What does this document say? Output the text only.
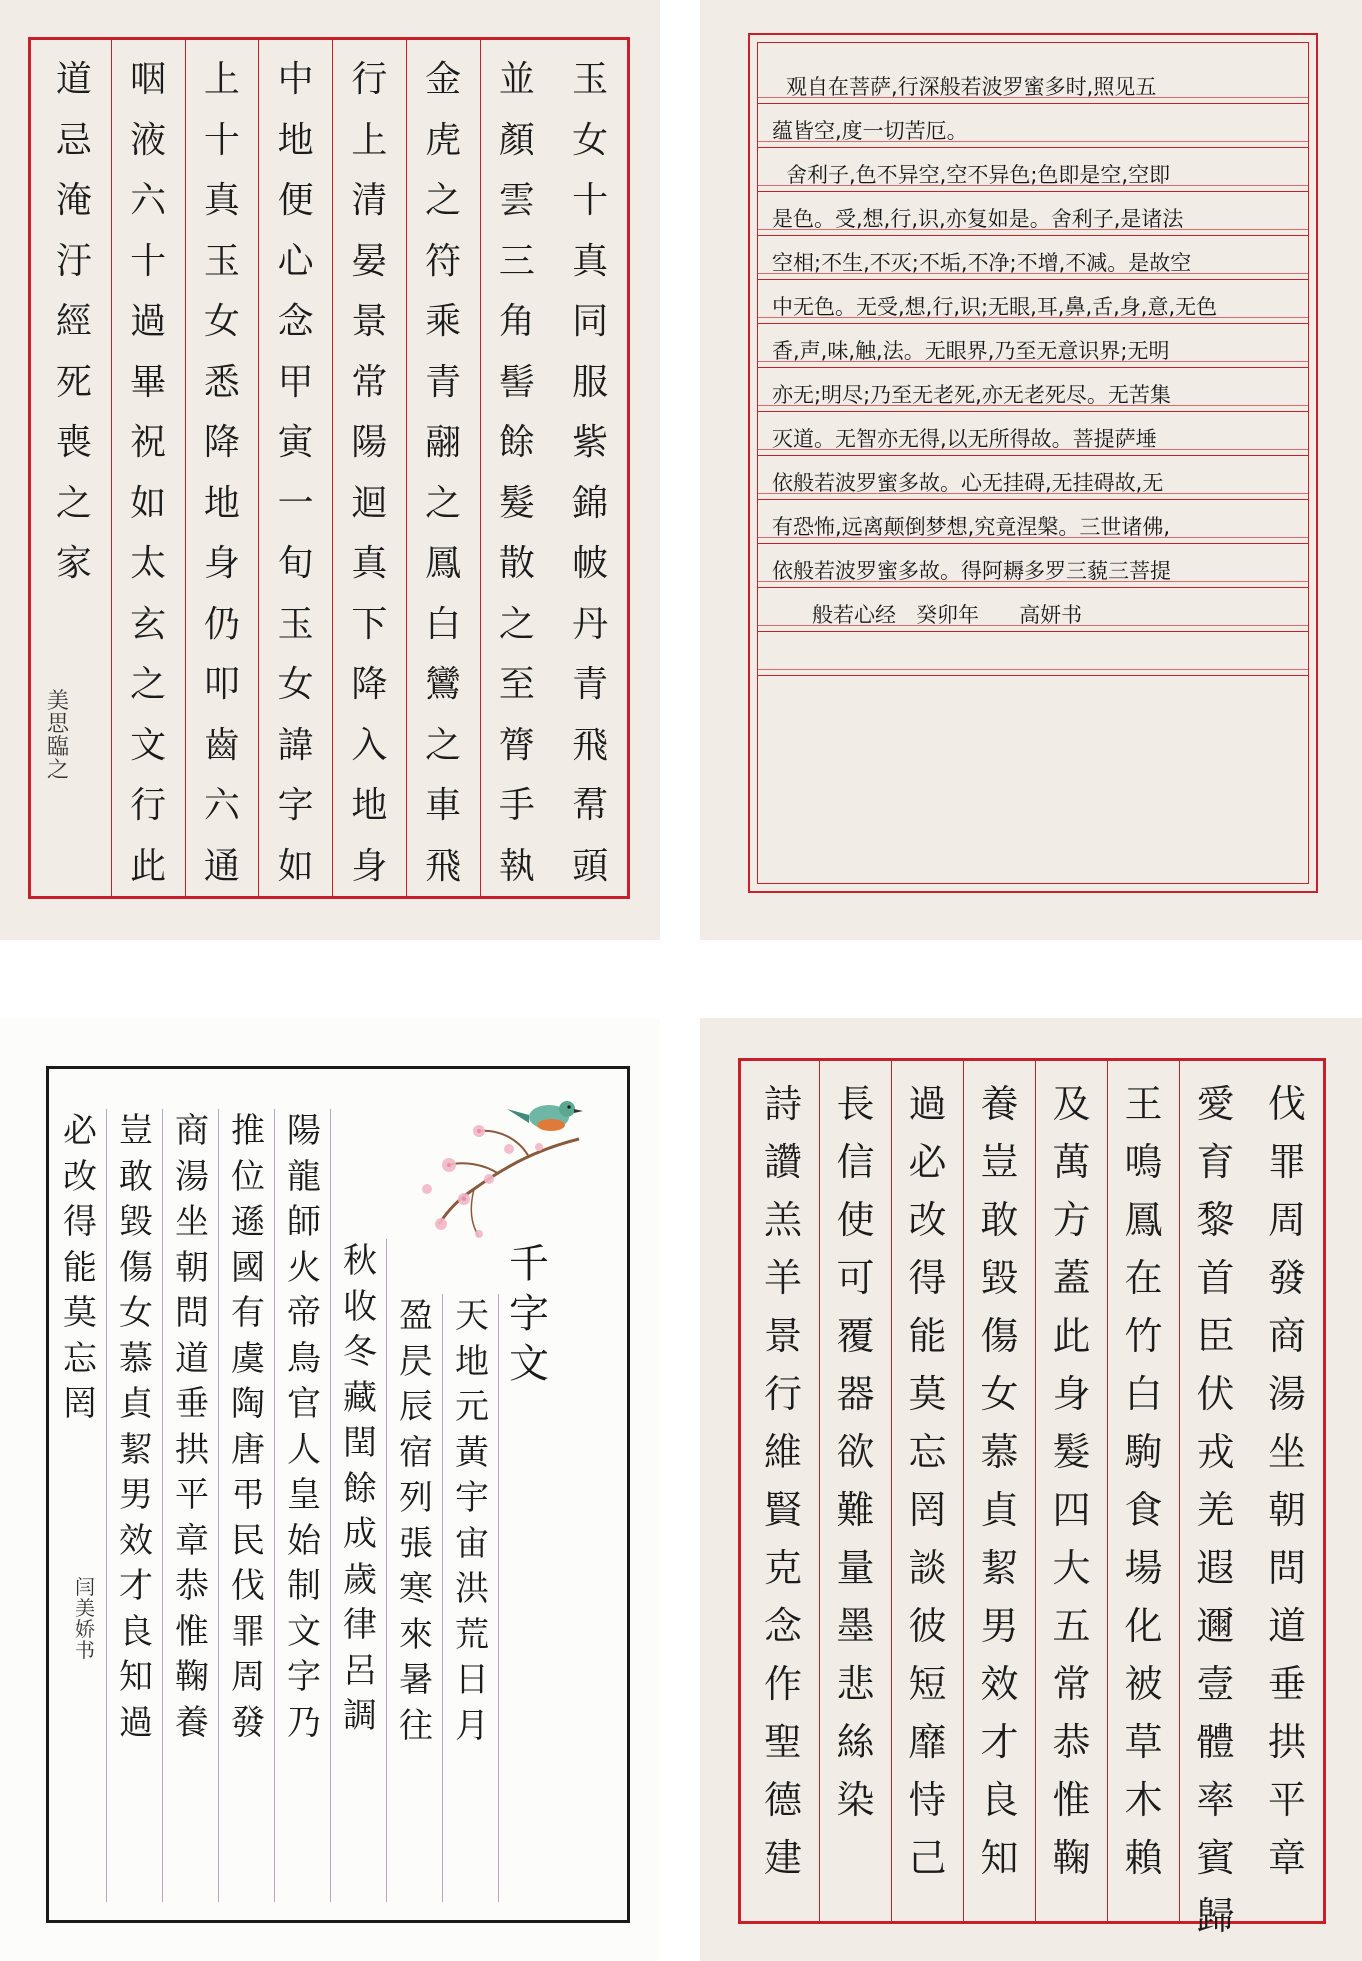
玉
女
十
真
同
服
紫
錦
帔
丹
青
飛
帬
頭
並
顏
雲
三
角
髻
餘
髮
散
之
至
膂
手
執
金
虎
之
符
乘
青
翮
之
鳳
白
鸞
之
車
飛
行
上
清
晏
景
常
陽
迴
真
下
降
入
地
身
中
地
便
心
念
甲
寅
一
旬
玉
女
諱
字
如
上
十
真
玉
女
悉
降
地
身
仍
叩
齒
六
通
咽
液
六
十
過
畢
祝
如
太
玄
之
文
行
此
道
忌
淹
汙
經
死
喪
之
家
美
思
臨
之
观自在菩萨,行深般若波罗蜜多时,照见五
蕴皆空,度一切苦厄。
舍利子,色不异空,空不异色;色即是空,空即
是色。受,想,行,识,亦复如是。舍利子,是诸法
空相;不生,不灭;不垢,不净;不增,不减。是故空
中无色。无受,想,行,识;无眼,耳,鼻,舌,身,意,无色
香,声,味,触,法。无眼界,乃至无意识界;无明
亦无;明尽;乃至无老死,亦无老死尽。无苦集
灭道。无智亦无得,以无所得故。菩提萨埵
依般若波罗蜜多故。心无挂碍,无挂碍故,无
有恐怖,远离颠倒梦想,究竟涅槃。三世诸佛,
依般若波罗蜜多故。得阿耨多罗三藐三菩提
般若心经   癸卯年      高妍书
千
字
文
天
地
元
黃
宇
宙
洪
荒
日
月
盈
昃
辰
宿
列
張
寒
來
暑
往
秋
收
冬
藏
閏
餘
成
歲
律
呂
調
陽
龍
師
火
帝
鳥
官
人
皇
始
制
文
字
乃
推
位
遜
國
有
虞
陶
唐
弔
民
伐
罪
周
發
商
湯
坐
朝
問
道
垂
拱
平
章
恭
惟
鞠
養
豈
敢
毀
傷
女
慕
貞
絜
男
效
才
良
知
過
必
改
得
能
莫
忘
罔
闫
美
娇
书
伐
罪
周
發
商
湯
坐
朝
問
道
垂
拱
平
章
愛
育
黎
首
臣
伏
戎
羌
遐
邇
壹
體
率
賓
歸
王
鳴
鳳
在
竹
白
駒
食
場
化
被
草
木
賴
及
萬
方
蓋
此
身
髮
四
大
五
常
恭
惟
鞠
養
豈
敢
毀
傷
女
慕
貞
絜
男
效
才
良
知
過
必
改
得
能
莫
忘
罔
談
彼
短
靡
恃
己
長
信
使
可
覆
器
欲
難
量
墨
悲
絲
染
詩
讚
羔
羊
景
行
維
賢
克
念
作
聖
德
建
